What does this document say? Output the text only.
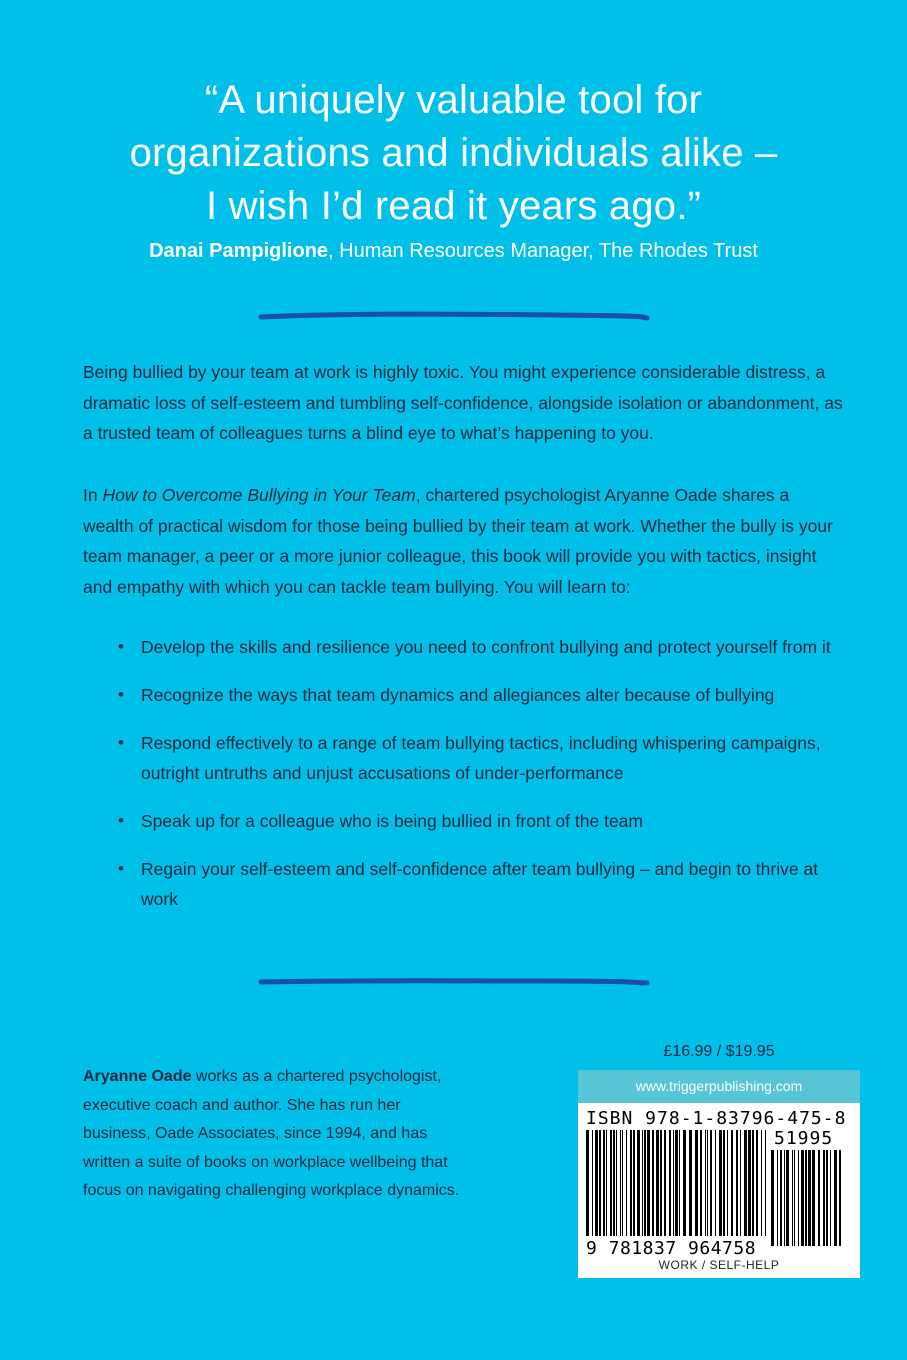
“A uniquely valuable tool for
organizations and individuals alike –
I wish I’d read it years ago.”
Danai Pampiglione, Human Resources Manager, The Rhodes Trust
Being bullied by your team at work is highly toxic. You might experience considerable distress, a dramatic loss of self-esteem and tumbling self-confidence, alongside isolation or abandonment, as a trusted team of colleagues turns a blind eye to what’s happening to you.
In How to Overcome Bullying in Your Team, chartered psychologist Aryanne Oade shares a wealth of practical wisdom for those being bullied by their team at work. Whether the bully is your team manager, a peer or a more junior colleague, this book will provide you with tactics, insight and empathy with which you can tackle team bullying. You will learn to:
• Develop the skills and resilience you need to confront bullying and protect yourself from it
• Recognize the ways that team dynamics and allegiances alter because of bullying
• Respond effectively to a range of team bullying tactics, including whispering campaigns, outright untruths and unjust accusations of under-performance
• Speak up for a colleague who is being bullied in front of the team
• Regain your self-esteem and self-confidence after team bullying – and begin to thrive at work
Aryanne Oade works as a chartered psychologist, executive coach and author. She has run her business, Oade Associates, since 1994, and has written a suite of books on workplace wellbeing that focus on navigating challenging workplace dynamics.
£16.99 / $19.95
www.triggerpublishing.com
ISBN 978-1-83796-475-8
9 781837 964758
51995
WORK / SELF-HELP
